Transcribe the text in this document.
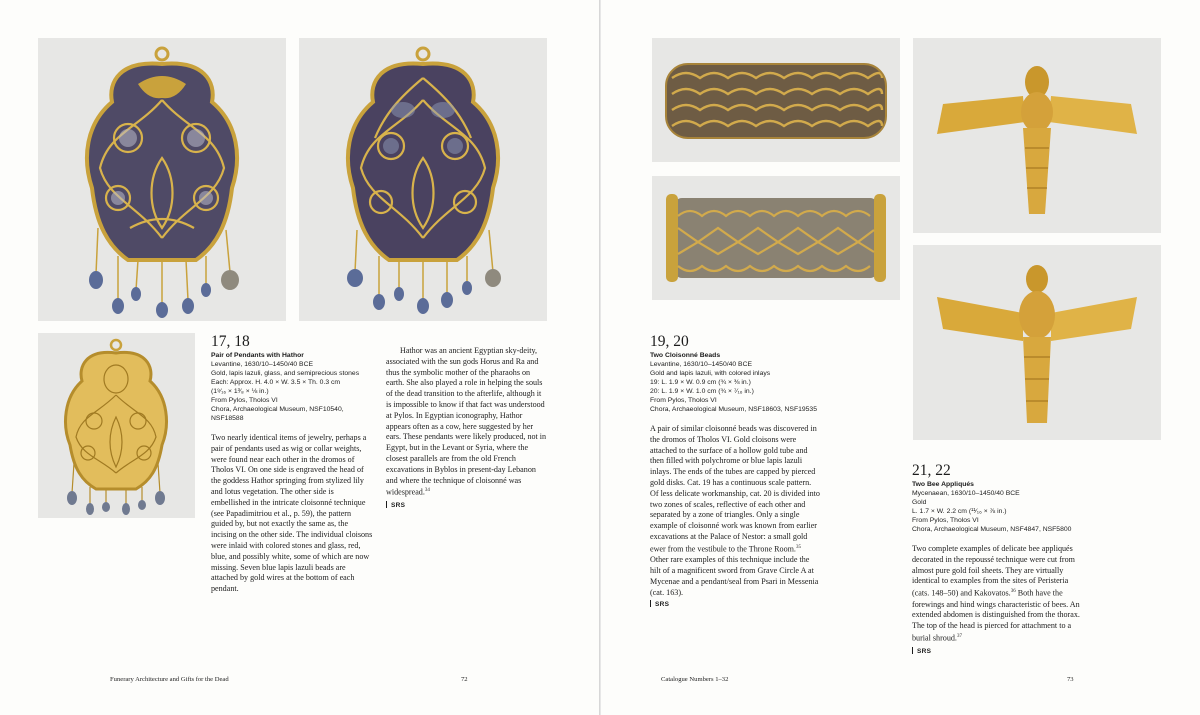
17, 18
Pair of Pendants with Hathor
Levantine, 1630/10–1450/40 BCE
Gold, lapis lazuli, glass, and semiprecious stones
Each: Approx. H. 4.0 × W. 3.5 × Th. 0.3 cm
(1⁹⁄₁₆ × 1³⁄₈ × ⅛ in.)
From Pylos, Tholos VI
Chora, Archaeological Museum, NSF10540,
NSF18588
Two nearly identical items of jewelry, perhaps a pair of pendants used as wig or collar weights, were found near each other in the dromos of Tholos VI. On one side is engraved the head of the goddess Hathor springing from stylized lily and lotus vegetation. The other side is embellished in the intricate cloisonné technique (see Papadimitriou et al., p. 59), the pattern guided by, but not exactly the same as, the incising on the other side. The individual cloisons were inlaid with colored stones and glass, red, blue, and possibly white, some of which are now missing. Seven blue lapis lazuli beads are attached by gold wires at the bottom of each pendant.
Hathor was an ancient Egyptian sky-deity, associated with the sun gods Horus and Ra and thus the symbolic mother of the pharaohs on earth. She also played a role in helping the souls of the dead transition to the afterlife, although it is impossible to know if that fact was understood at Pylos. In Egyptian iconography, Hathor appears often as a cow, here suggested by her ears. These pendants were likely produced, not in Egypt, but in the Levant or Syria, where the closest parallels are from the old French excavations in Byblos in present-day Lebanon and where the technique of cloisonné was widespread.$^{34}$
SRS
Funerary Architecture and Gifts for the Dead	72
19, 20
Two Cloisonné Beads
Levantine, 1630/10–1450/40 BCE
Gold and lapis lazuli, with colored inlays
19: L. 1.9 × W. 0.9 cm (¾ × ⅜ in.)
20: L. 1.9 × W. 1.0 cm (¾ × ⁷⁄₁₆ in.)
From Pylos, Tholos VI
Chora, Archaeological Museum, NSF18603, NSF19535
A pair of similar cloisonné beads was discovered in the dromos of Tholos VI. Gold cloisons were attached to the surface of a hollow gold tube and then filled with polychrome or blue lapis lazuli inlays. The ends of the tubes are capped by pierced gold disks. Cat. 19 has a continuous scale pattern. Of less delicate workmanship, cat. 20 is divided into two zones of scales, reflective of each other and separated by a zone of triangles. Only a single example of cloisonné work was known from earlier excavations at the Palace of Nestor: a small gold ewer from the vestibule to the Throne Room.$^{35}$ Other rare examples of this technique include the hilt of a magnificent sword from Grave Circle A at Mycenae and a pendant/seal from Psari in Messenia (cat. 163).
SRS
21, 22
Two Bee Appliqués
Mycenaean, 1630/10–1450/40 BCE
Gold
L. 1.7 × W. 2.2 cm (¹¹⁄₁₆ × ⅞ in.)
From Pylos, Tholos VI
Chora, Archaeological Museum, NSF4847, NSF5800
Two complete examples of delicate bee appliqués decorated in the repoussé technique were cut from almost pure gold foil sheets. They are virtually identical to examples from the sites of Peristeria (cats. 148–50) and Kakovatos.$^{36}$ Both have the forewings and hind wings characteristic of bees. An extended abdomen is distinguished from the thorax. The top of the head is pierced for attachment to a burial shroud.$^{37}$
SRS
Catalogue Numbers 1–32	73
